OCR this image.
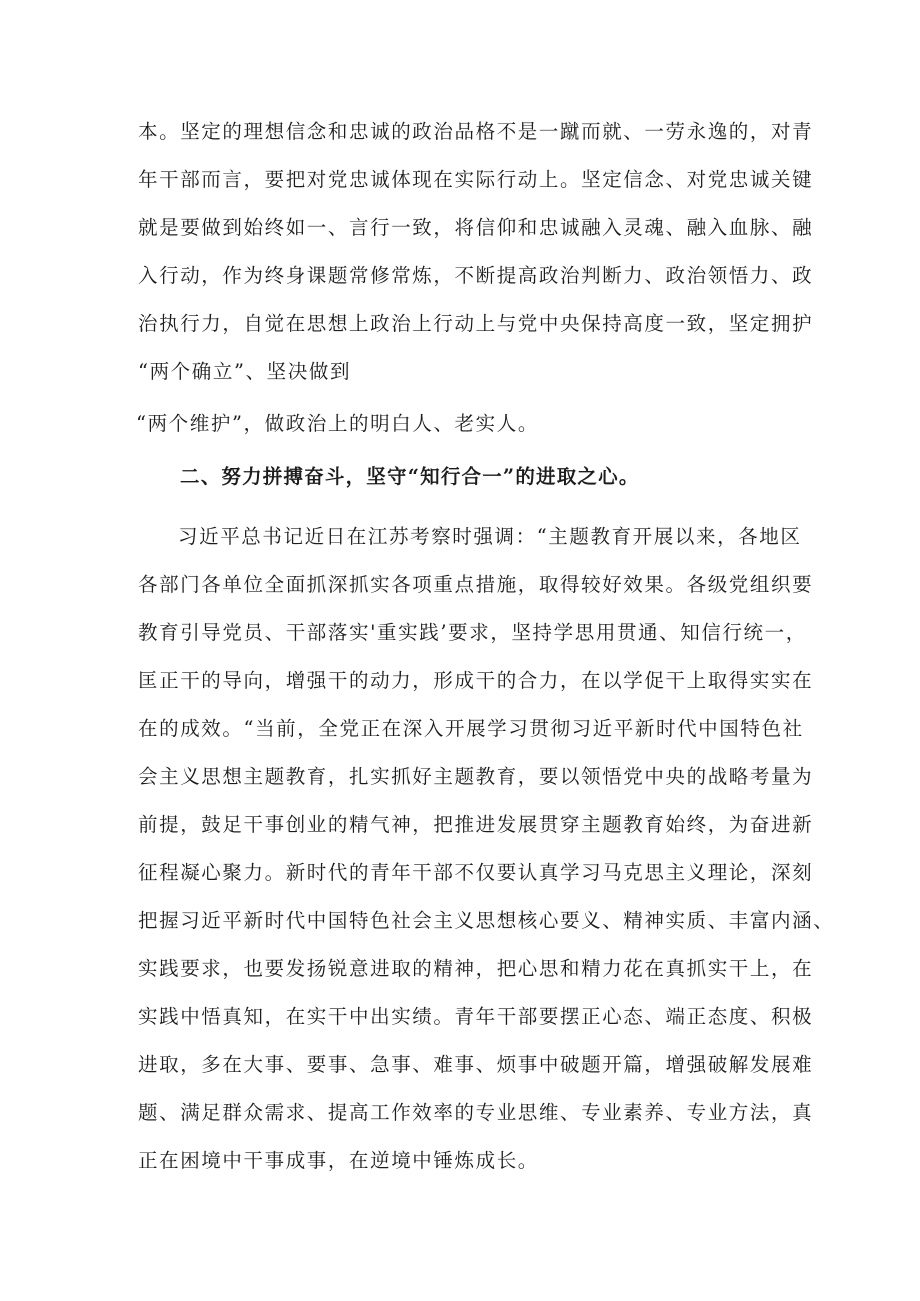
本。坚定的理想信念和忠诚的政治品格不是一蹴而就、一劳永逸的，对青
年干部而言，要把对党忠诚体现在实际行动上。坚定信念、对党忠诚关键
就是要做到始终如一、言行一致，将信仰和忠诚融入灵魂、融入血脉、融
入行动，作为终身课题常修常炼，不断提高政治判断力、政治领悟力、政
治执行力，自觉在思想上政治上行动上与党中央保持高度一致，坚定拥护
“两个确立”、坚决做到
“两个维护”，做政治上的明白人、老实人。
二、努力拼搏奋斗，坚守“知行合一”的进取之心。
习近平总书记近日在江苏考察时强调：“主题教育开展以来，各地区
各部门各单位全面抓深抓实各项重点措施，取得较好效果。各级党组织要
教育引导党员、干部落实'重实践’要求，坚持学思用贯通、知信行统一，
匡正干的导向，增强干的动力，形成干的合力，在以学促干上取得实实在
在的成效。“当前，全党正在深入开展学习贯彻习近平新时代中国特色社
会主义思想主题教育，扎实抓好主题教育，要以领悟党中央的战略考量为
前提，鼓足干事创业的精气神，把推进发展贯穿主题教育始终，为奋进新
征程凝心聚力。新时代的青年干部不仅要认真学习马克思主义理论，深刻
把握习近平新时代中国特色社会主义思想核心要义、精神实质、丰富内涵、
实践要求，也要发扬锐意进取的精神，把心思和精力花在真抓实干上，在
实践中悟真知，在实干中出实绩。青年干部要摆正心态、端正态度、积极
进取，多在大事、要事、急事、难事、烦事中破题开篇，增强破解发展难
题、满足群众需求、提高工作效率的专业思维、专业素养、专业方法，真
正在困境中干事成事，在逆境中锤炼成长。
